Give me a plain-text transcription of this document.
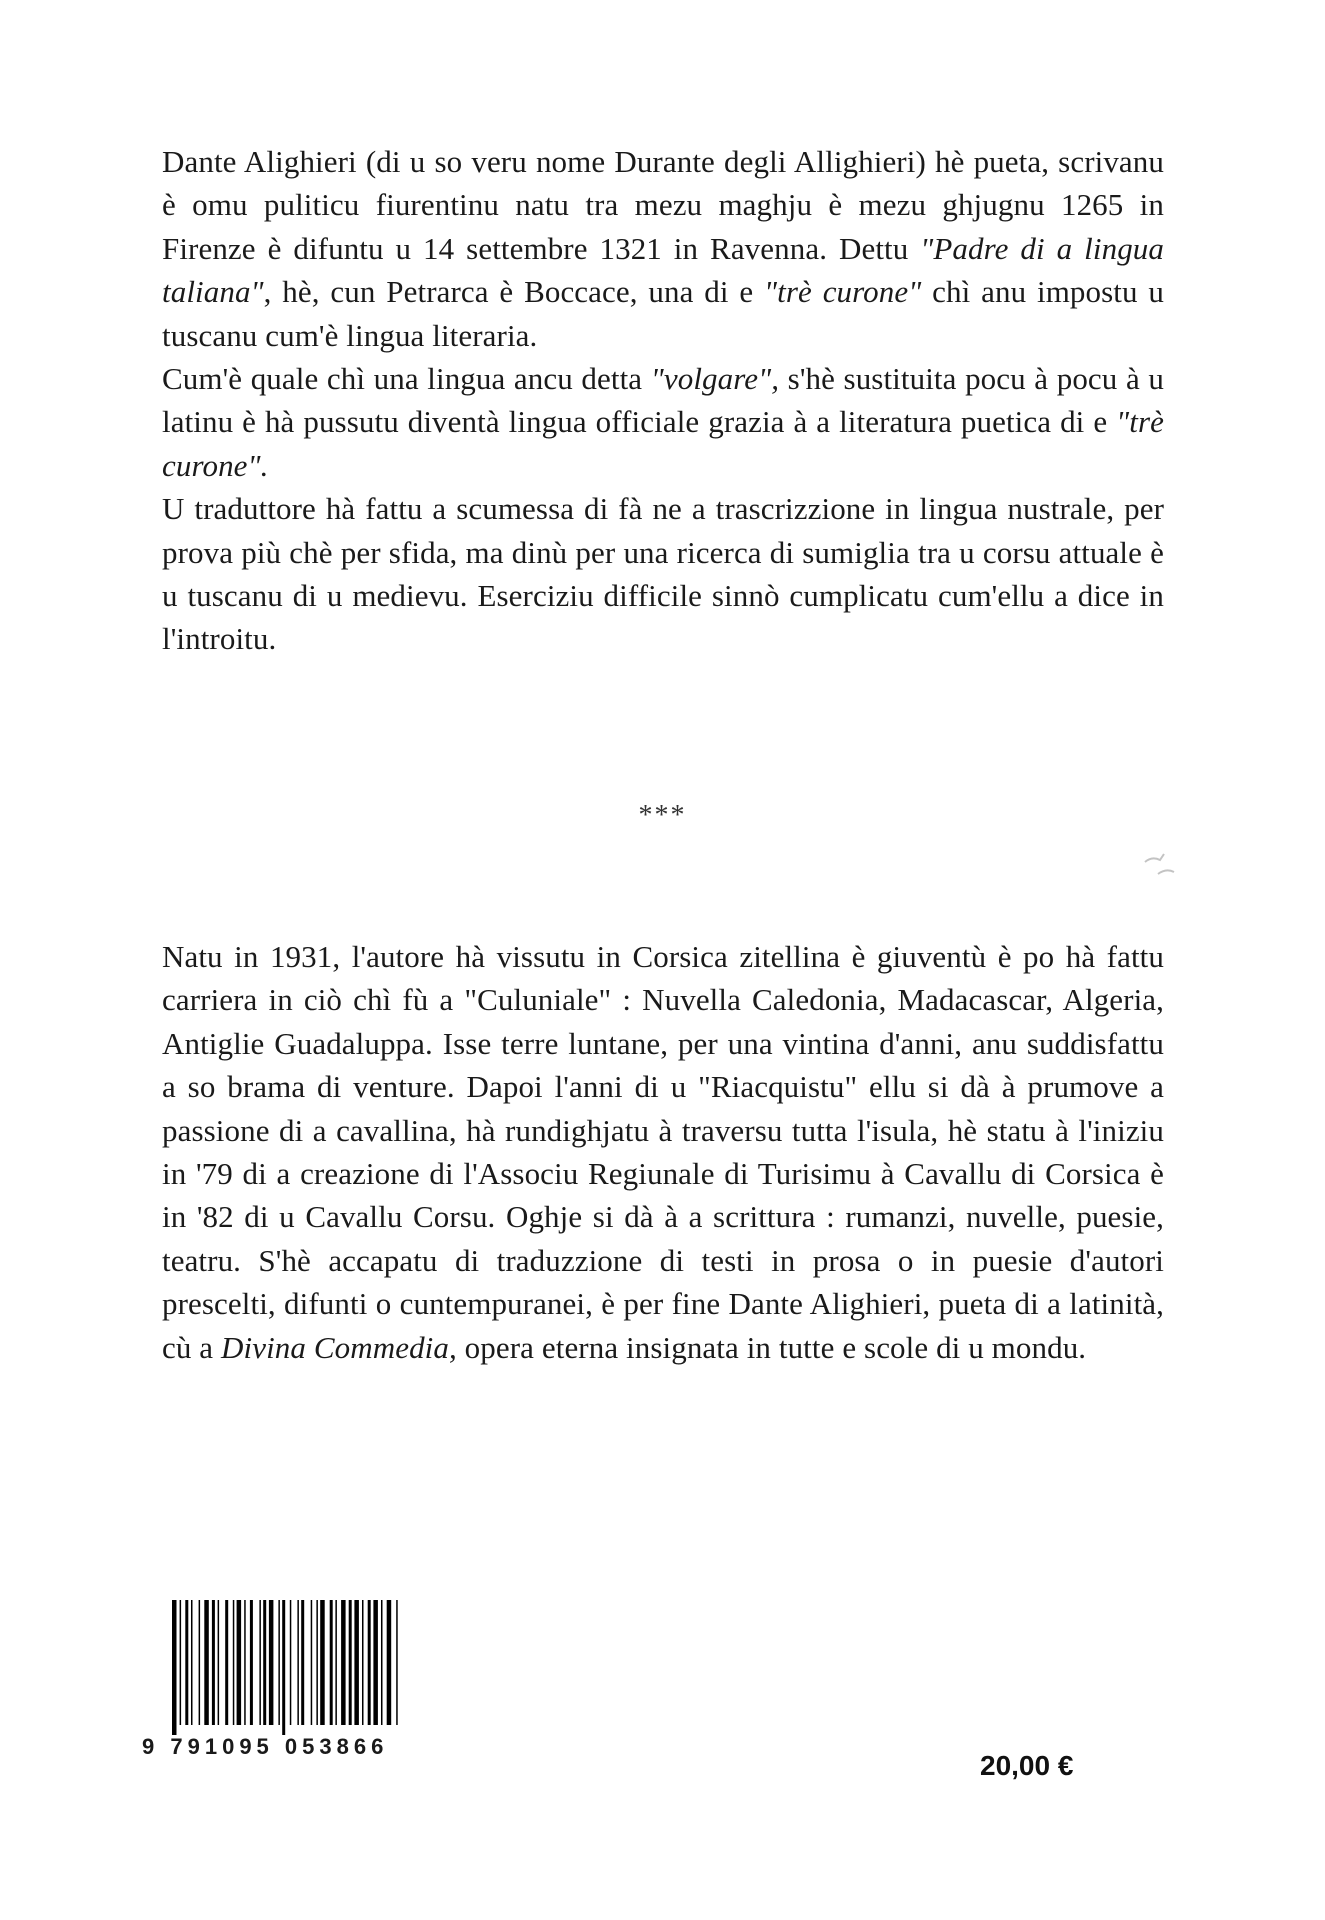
Dante Alighieri (di u so veru nome Durante degli Allighieri) hè pueta, scrivanu è omu puliticu fiurentinu natu tra mezu maghju è mezu ghjugnu 1265 in Firenze è difuntu u 14 settembre 1321 in Ravenna. Dettu "Padre di a lingua taliana", hè, cun Petrarca è Boccace, una di e "trè curone" chì anu impostu u tuscanu cum'è lingua literaria.

Cum'è quale chì una lingua ancu detta "volgare", s'hè sustituita pocu à pocu à u latinu è hà pussutu diventà lingua officiale grazia à a literatura puetica di e "trè curone".

U traduttore hà fattu a scumessa di fà ne a trascrizzione in lingua nustrale, per prova più chè per sfida, ma dinù per una ricerca di sumiglia tra u corsu attuale è u tuscanu di u medievu. Eserciziu difficile sinnò cumplicatu cum'ellu a dice in l'introitu.

***

Natu in 1931, l'autore hà vissutu in Corsica zitellina è giuventù è po hà fattu carriera in ciò chì fù a "Culuniale" : Nuvella Caledonia, Madacascar, Algeria, Antiglie Guadaluppa. Isse terre luntane, per una vintina d'anni, anu suddisfattu a so brama di venture. Dapoi l'anni di u "Riacquistu" ellu si dà à prumove a passione di a cavallina, hà rundighjatu à traversu tutta l'isula, hè statu à l'iniziu in '79 di a creazione di l'Associu Regiunale di Turisimu à Cavallu di Corsica è in '82 di u Cavallu Corsu. Oghje si dà à a scrittura : rumanzi, nuvelle, puesie, teatru. S'hè accapatu di traduzzione di testi in prosa o in puesie d'autori prescelti, difunti o cuntempuranei, è per fine Dante Alighieri, pueta di a latinità, cù a Divina Commedia, opera eterna insignata in tutte e scole di u mondu.

9 791095 053866
20,00 €
